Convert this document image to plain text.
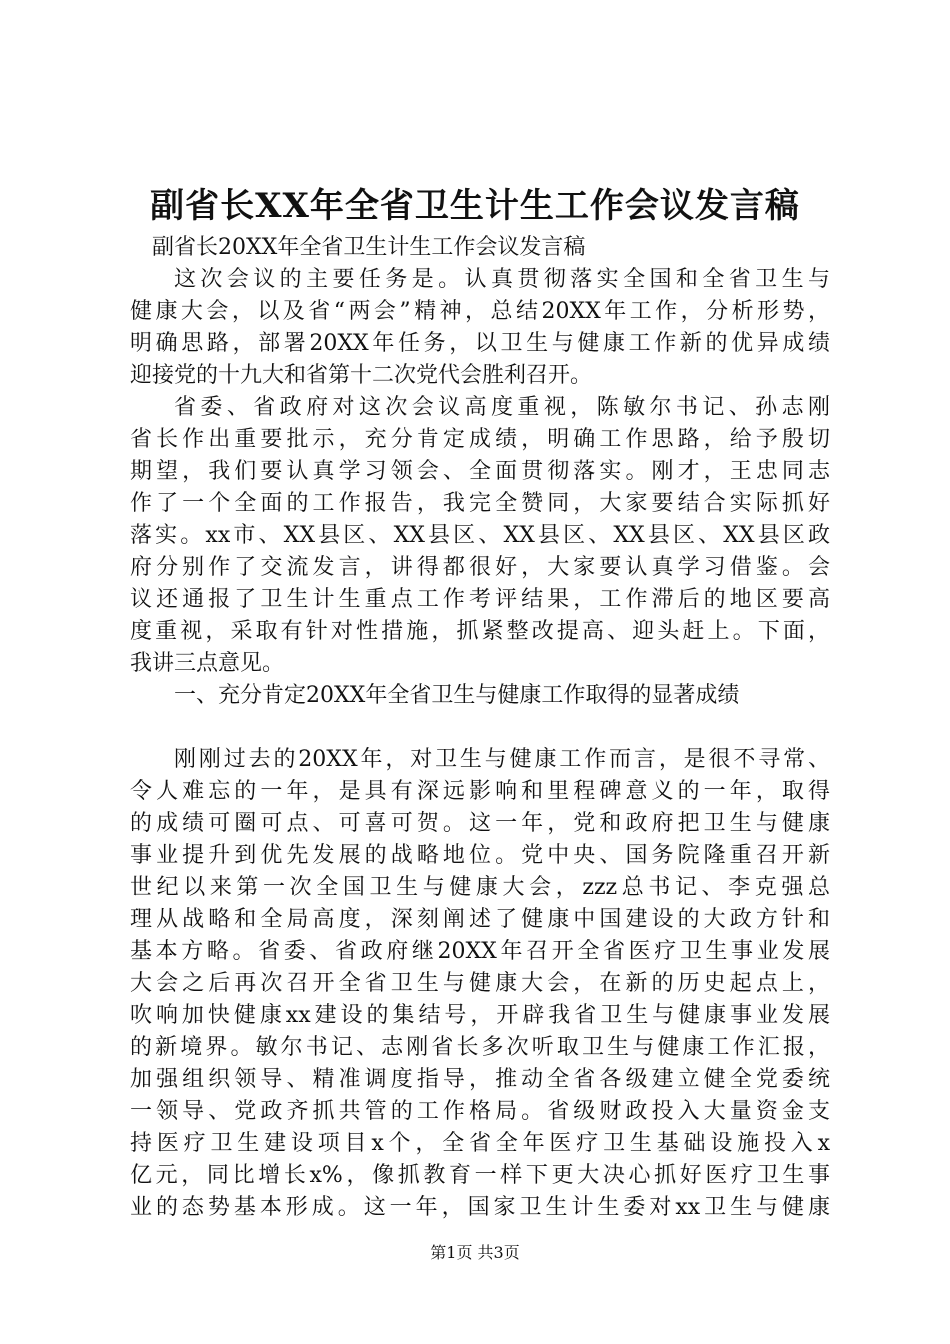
副省长XX年全省卫生计生工作会议发言稿
副省长20XX年全省卫生计生工作会议发言稿
这次会议的主要任务是。认真贯彻落实全国和全省卫生与
健康大会，以及省“两会”精神，总结20XX年工作，分析形势，
明确思路，部署20XX年任务，以卫生与健康工作新的优异成绩
迎接党的十九大和省第十二次党代会胜利召开。
省委、省政府对这次会议高度重视，陈敏尔书记、孙志刚
省长作出重要批示，充分肯定成绩，明确工作思路，给予殷切
期望，我们要认真学习领会、全面贯彻落实。刚才，王忠同志
作了一个全面的工作报告，我完全赞同，大家要结合实际抓好
落实。xx市、XX县区、XX县区、XX县区、XX县区、XX县区政
府分别作了交流发言，讲得都很好，大家要认真学习借鉴。会
议还通报了卫生计生重点工作考评结果，工作滞后的地区要高
度重视，采取有针对性措施，抓紧整改提高、迎头赶上。下面，
我讲三点意见。
一、充分肯定20XX年全省卫生与健康工作取得的显著成绩
刚刚过去的20XX年，对卫生与健康工作而言，是很不寻常、
令人难忘的一年，是具有深远影响和里程碑意义的一年，取得
的成绩可圈可点、可喜可贺。这一年，党和政府把卫生与健康
事业提升到优先发展的战略地位。党中央、国务院隆重召开新
世纪以来第一次全国卫生与健康大会，zzz总书记、李克强总
理从战略和全局高度，深刻阐述了健康中国建设的大政方针和
基本方略。省委、省政府继20XX年召开全省医疗卫生事业发展
大会之后再次召开全省卫生与健康大会，在新的历史起点上，
吹响加快健康xx建设的集结号，开辟我省卫生与健康事业发展
的新境界。敏尔书记、志刚省长多次听取卫生与健康工作汇报，
加强组织领导、精准调度指导，推动全省各级建立健全党委统
一领导、党政齐抓共管的工作格局。省级财政投入大量资金支
持医疗卫生建设项目x个，全省全年医疗卫生基础设施投入x
亿元，同比增长x%，像抓教育一样下更大决心抓好医疗卫生事
业的态势基本形成。这一年，国家卫生计生委对xx卫生与健康
第1页 共3页
